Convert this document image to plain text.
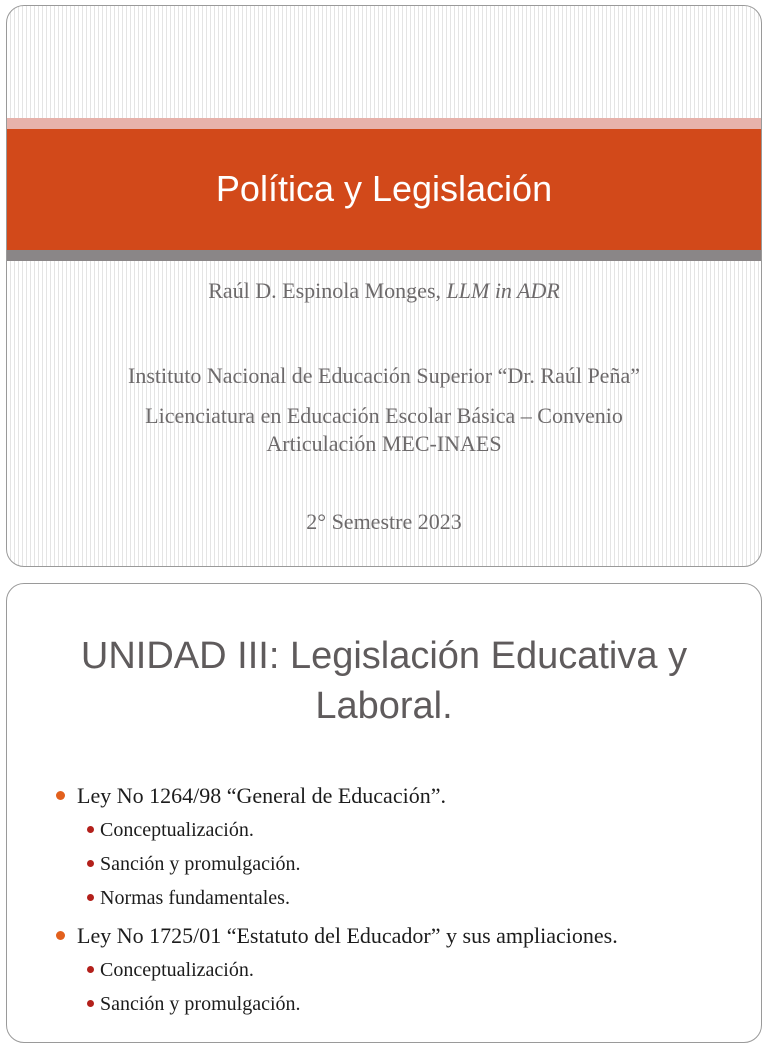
Política y Legislación
Raúl D. Espinola Monges, LLM in ADR
Instituto Nacional de Educación Superior “Dr. Raúl Peña”
Licenciatura en Educación Escolar Básica – Convenio
Articulación MEC-INAES
2° Semestre 2023
UNIDAD III: Legislación Educativa y
Laboral.
Ley No 1264/98 “General de Educación”.
Conceptualización.
Sanción y promulgación.
Normas fundamentales.
Ley No 1725/01 “Estatuto del Educador” y sus ampliaciones.
Conceptualización.
Sanción y promulgación.
